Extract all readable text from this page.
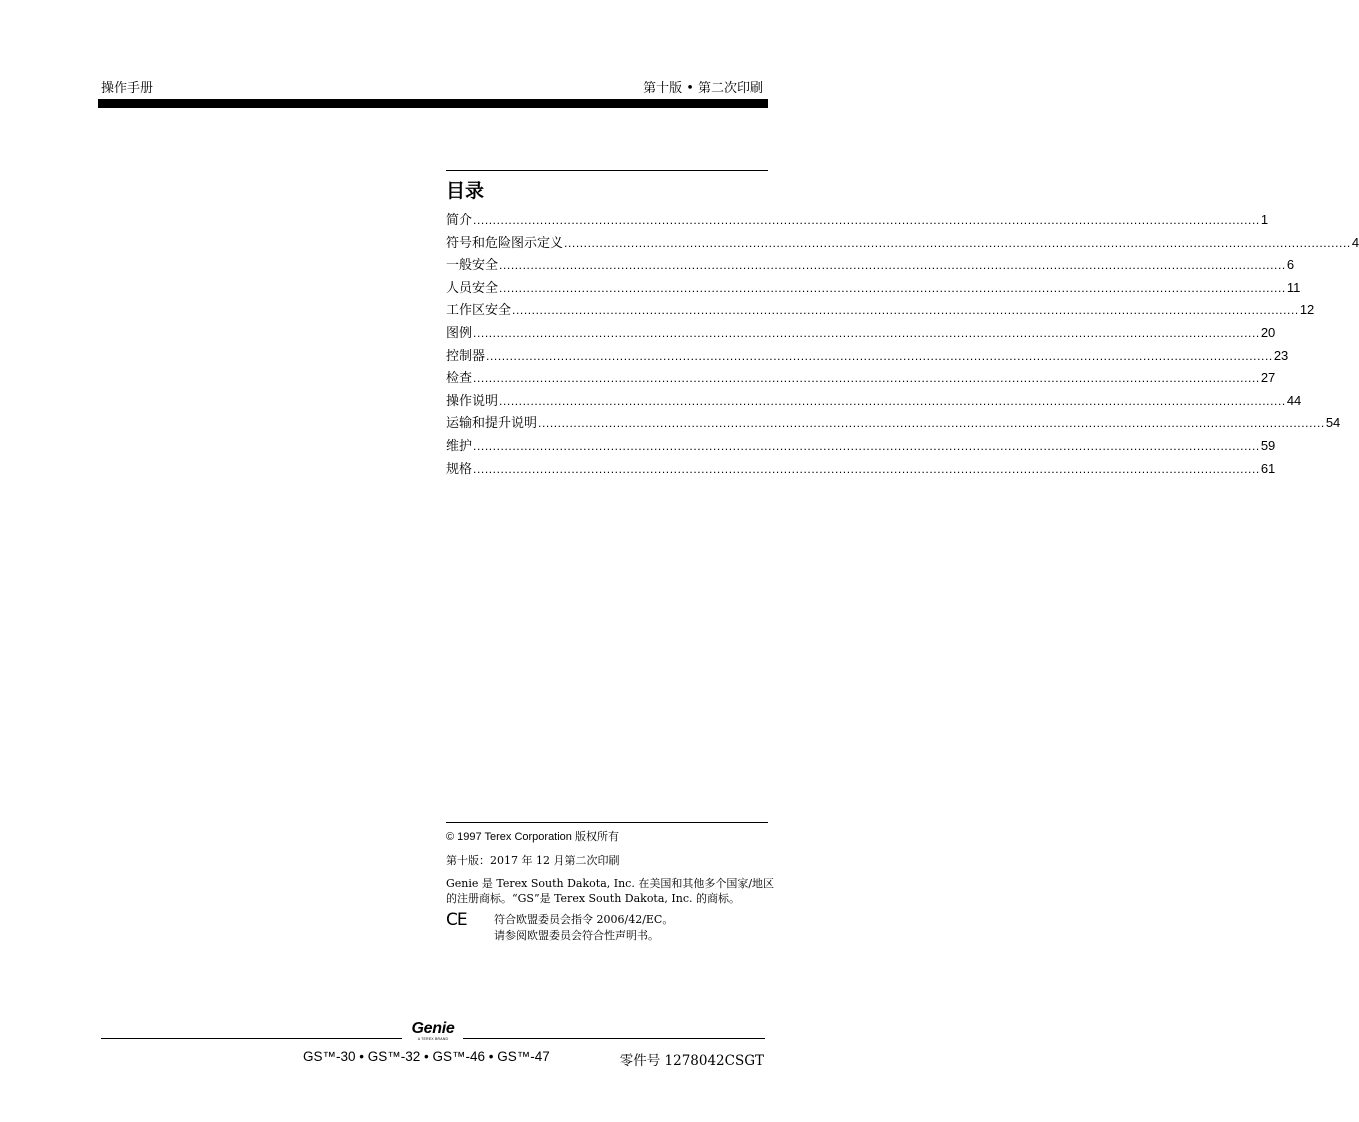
操作手册	第十版 • 第二次印刷
目录
简介 ........................................................................................................................................................................................................ 1
符号和危险图示定义 ........................................................................................................................................................................................................ 4
一般安全 ........................................................................................................................................................................................................ 6
人员安全 ........................................................................................................................................................................................................ 11
工作区安全 ........................................................................................................................................................................................................ 12
图例 ........................................................................................................................................................................................................ 20
控制器 ........................................................................................................................................................................................................ 23
检查 ........................................................................................................................................................................................................ 27
操作说明 ........................................................................................................................................................................................................ 44
运输和提升说明 ........................................................................................................................................................................................................ 54
维护 ........................................................................................................................................................................................................ 59
规格 ........................................................................................................................................................................................................ 61
© 1997 Terex Corporation 版权所有
第十版：2017 年 12 月第二次印刷
Genie 是 Terex South Dakota, Inc. 在美国和其他多个国家/地区
的注册商标。“GS”是 Terex South Dakota, Inc. 的商标。
CE 符合欧盟委员会指令 2006/42/EC。
请参阅欧盟委员会符合性声明书。
Genie
A TEREX BRAND
GS™-30 • GS™-32 • GS™-46 • GS™-47	零件号 1278042CSGT
